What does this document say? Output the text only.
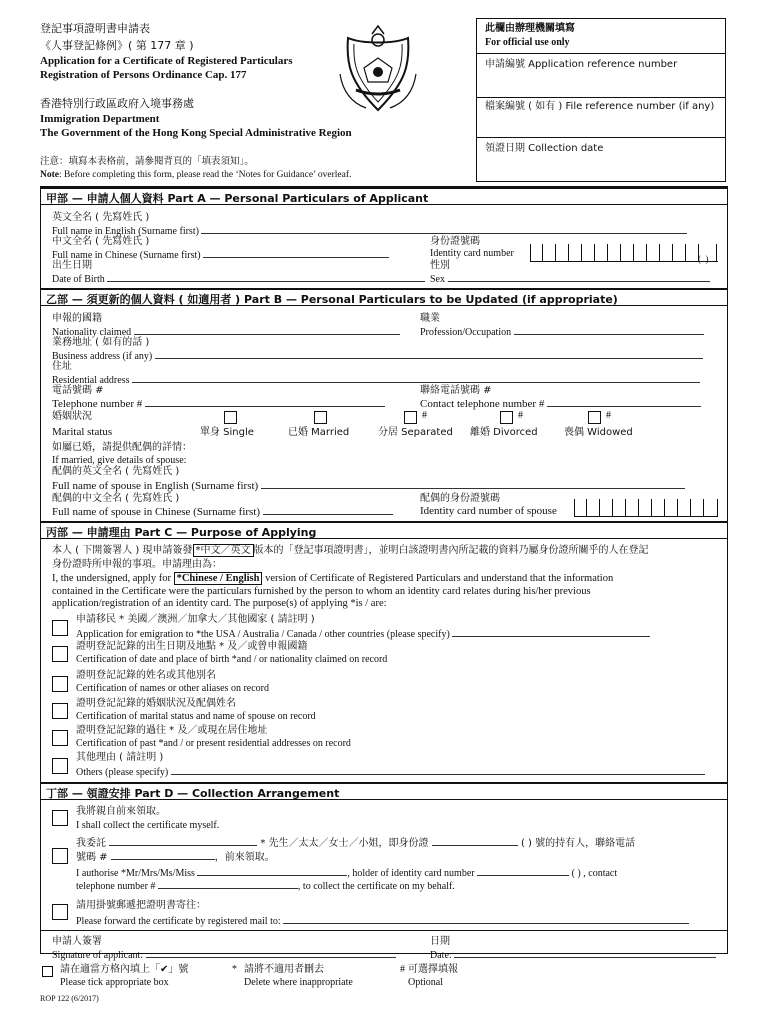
登記事項證明書申請表
《人事登記條例》( 第 177 章 )
Application for a Certificate of Registered Particulars
Registration of Persons Ordinance Cap. 177
香港特別行政區政府入境事務處
Immigration Department
The Government of the Hong Kong Special Administrative Region
此欄由辦理機關填寫
For official use only
申請編號 Application reference number
檔案編號 ( 如有 ) File reference number (if any)
領證日期 Collection date
注意：填寫本表格前，請參閱背頁的「填表須知」。
Note: Before completing this form, please read the ‘Notes for Guidance’ overleaf.
甲部 — 申請人個人資料 Part A — Personal Particulars of Applicant
英文全名 ( 先寫姓氏 )
Full name in English (Surname first)
中文全名 ( 先寫姓氏 )
Full name in Chinese (Surname first)
身份證號碼
Identity card number	(  )
出生日期
Date of Birth
性別
Sex
乙部 — 須更新的個人資料 ( 如適用者 ) Part B — Personal Particulars to be Updated (if appropriate)
申報的國籍
Nationality claimed
職業
Profession/Occupation
業務地址 ( 如有的話 )
Business address (if any)
住址
Residential address
電話號碼 #
Telephone number #
聯絡電話號碼 #
Contact telephone number #
婚姻狀況
Marital status
#	#	#
單身 Single	已婚 Married	分居 Separated 離婚 Divorced	喪偶 Widowed
如屬已婚，請提供配偶的詳情：
If married, give details of spouse:
配偶的英文全名 ( 先寫姓氏 )
Full name of spouse in English (Surname first)
配偶的中文全名 ( 先寫姓氏 )
Full name of spouse in Chinese (Surname first)
配偶的身份證號碼
Identity card number of spouse
丙部 — 申請理由 Part C — Purpose of Applying
本人 ( 下開簽署人 ) 現申請簽發 *中文／英文 版本的「登記事項證明書」，並明白該證明書內所記載的資料乃屬身份證所關乎的人在登記
身份證時所申報的事項。申請理由為：
I, the undersigned, apply for *Chinese / English version of Certificate of Registered Particulars and understand that the information
contained in the Certificate were the particulars furnished by the person to whom an identity card relates during his/her previous
application/registration of an identity card. The purpose(s) of applying *is / are:
申請移民 * 美國／澳洲／加拿大／其他國家 ( 請註明 )
Application for emigration to *the USA / Australia / Canada / other countries (please specify)
證明登記記錄的出生日期及地點 * 及／或曾申報國籍
Certification of date and place of birth *and / or nationality claimed on record
證明登記記錄的姓名或其他別名
Certification of names or other aliases on record
證明登記記錄的婚姻狀況及配偶姓名
Certification of marital status and name of spouse on record
證明登記記錄的過往 * 及／或現在居住地址
Certification of past *and / or present residential addresses on record
其他理由 ( 請註明 )
Others (please specify)
丁部 — 領證安排 Part D — Collection Arrangement
我將親自前來領取。
I shall collect the certificate myself.
我委託	* 先生／太太／女士／小姐，即身份證	( ) 號的持有人，聯絡電話
號碼 #	，前來領取。
I authorise *Mr/Mrs/Ms/Miss	, holder of identity card number	( ) , contact
telephone number #	, to collect the certificate on my behalf.
請用掛號郵遞把證明書寄往：
Please forward the certificate by registered mail to:
申請人簽署
Signature of applicant:
日期
Date:
請在適當方格內填上「✔」號
Please tick appropriate box
* 請將不適用者刪去
Delete where inappropriate
# 可選擇填報
Optional
ROP 122 (6/2017)
